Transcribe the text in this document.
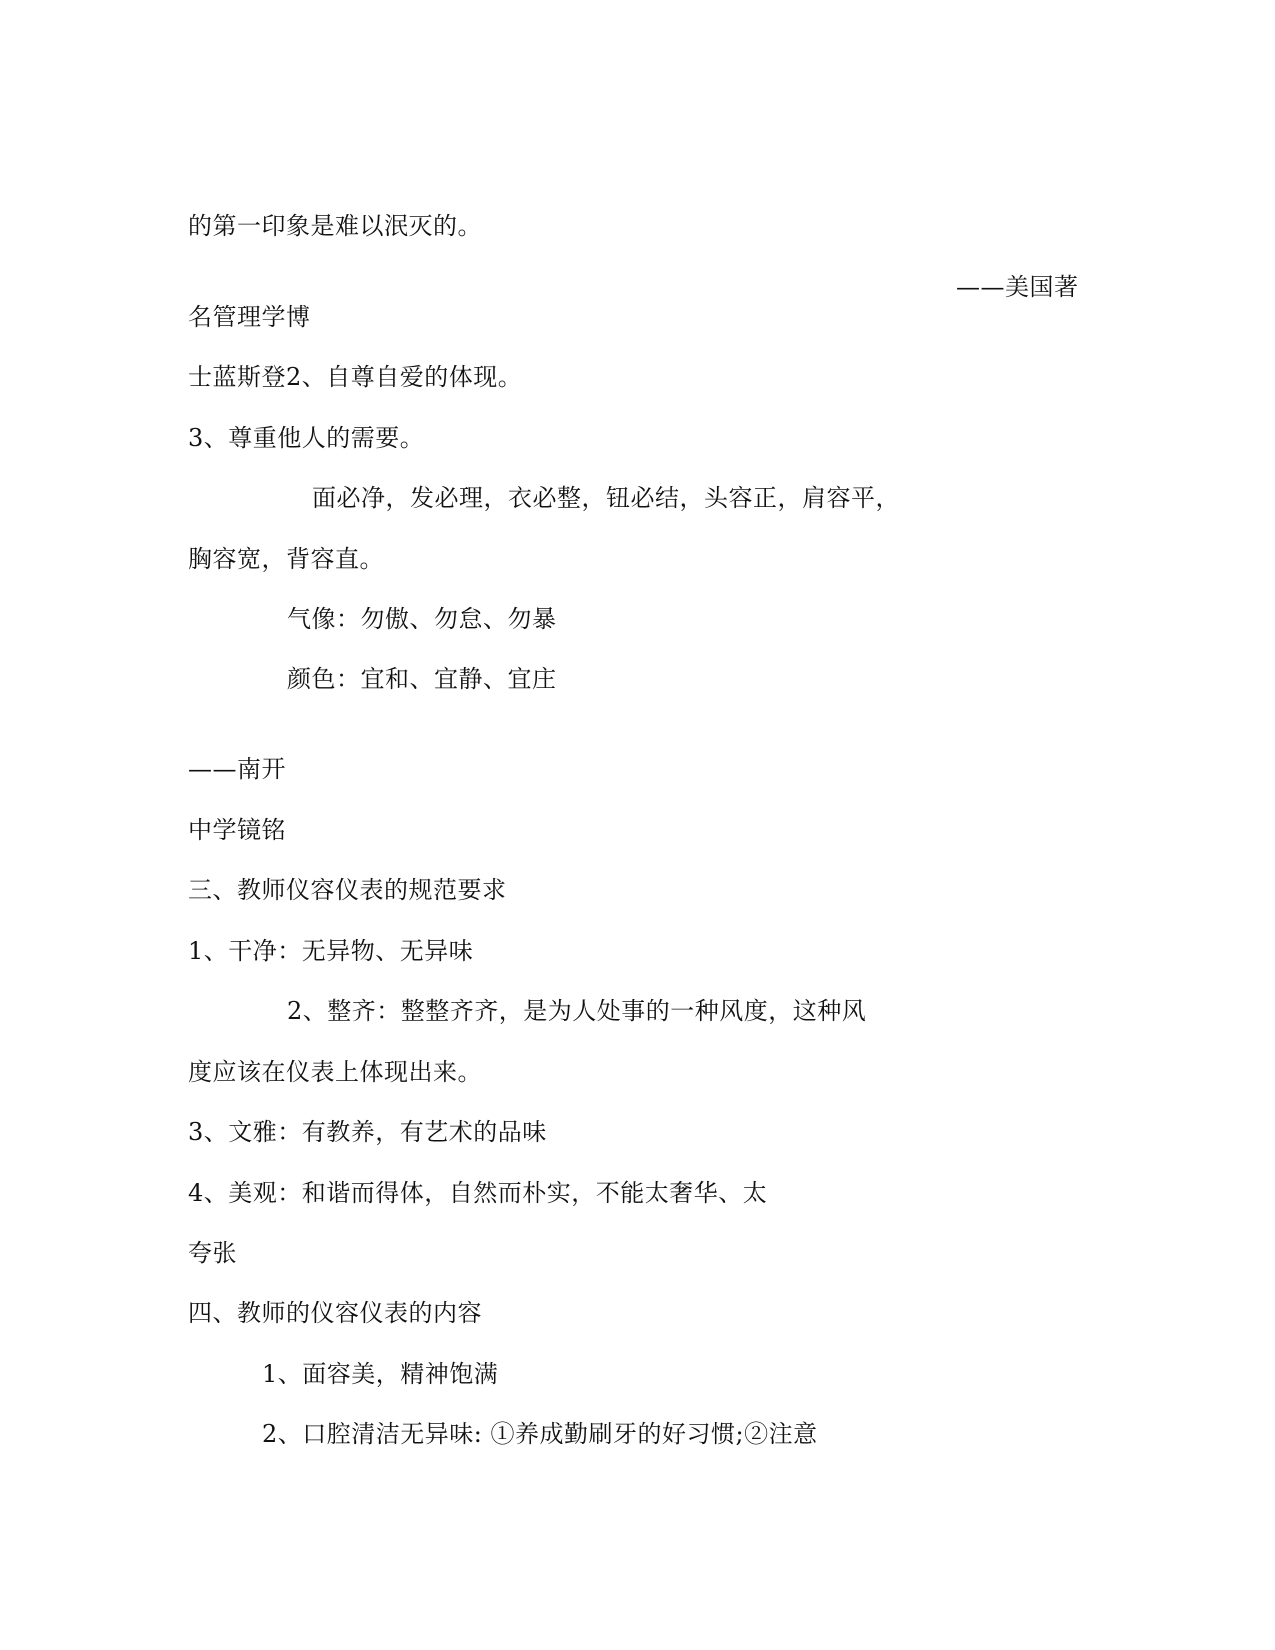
的第一印象是难以泯灭的。
——美国著
名管理学博
士蓝斯登2、自尊自爱的体现。
3、尊重他人的需要。
面必净，发必理，衣必整，钮必结，头容正，肩容平，
胸容宽，背容直。
气像：勿傲、勿怠、勿暴
颜色：宜和、宜静、宜庄
——南开
中学镜铭
三、教师仪容仪表的规范要求
1、干净：无异物、无异味
2、整齐：整整齐齐，是为人处事的一种风度，这种风
度应该在仪表上体现出来。
3、文雅：有教养，有艺术的品味
4、美观：和谐而得体，自然而朴实，不能太奢华、太
夸张
四、教师的仪容仪表的内容
1、面容美，精神饱满
2、口腔清洁无异味: ①养成勤刷牙的好习惯;②注意
